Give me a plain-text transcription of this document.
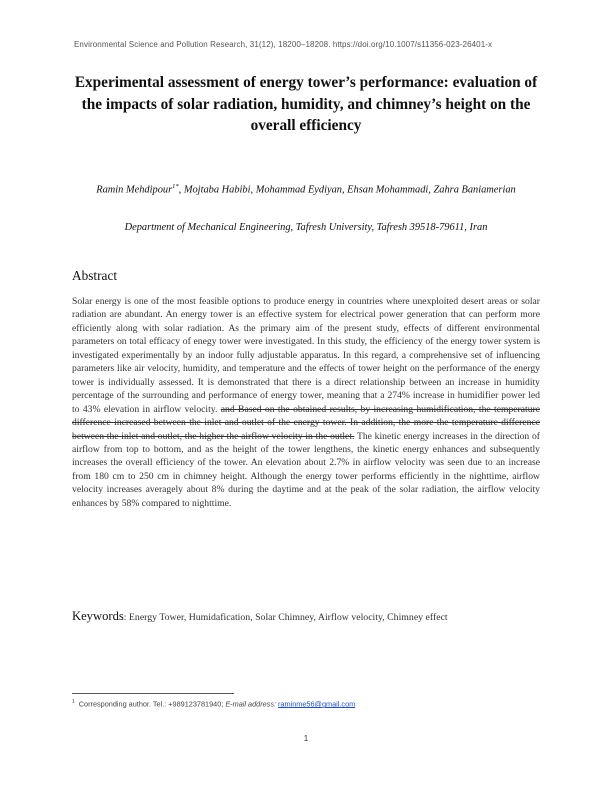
Environmental Science and Pollution Research, 31(12), 18200–18208. https://doi.org/10.1007/s11356-023-26401-x
Experimental assessment of energy tower’s performance: evaluation of the impacts of solar radiation, humidity, and chimney’s height on the overall efficiency
Ramin Mehdipour$^{1*}$, Mojtaba Habibi, Mohammad Eydiyan, Ehsan Mohammadi, Zahra Baniamerian
Department of Mechanical Engineering, Tafresh University, Tafresh 39518-79611, Iran
Abstract
Solar energy is one of the most feasible options to produce energy in countries where unexploited desert areas or solar radiation are abundant. An energy tower is an effective system for electrical power generation that can perform more efficiently along with solar radiation. As the primary aim of the present study, effects of different environmental parameters on total efficacy of enegy tower were investigated. In this study, the efficiency of the energy tower system is investigated experimentally by an indoor fully adjustable apparatus. In this regard, a comprehensive set of influencing parameters like air velocity, humidity, and temperature and the effects of tower height on the performance of the energy tower is individually assessed. It is demonstrated that there is a direct relationship between an increase in humidity percentage of the surrounding and performance of energy tower, meaning that a 274% increase in humidifier power led to 43% elevation in airflow velocity. and Based on the obtained results, by increasing humidification, the temperature difference increased between the inlet and outlet of the energy tower. In addition, the more the temperature difference between the inlet and outlet, the higher the airflow velocity in the outlet. The kinetic energy increases in the direction of airflow from top to bottom, and as the height of the tower lengthens, the kinetic energy enhances and subsequently increases the overall efficiency of the tower. An elevation about 2.7% in airflow velocity was seen due to an increase from 180 cm to 250 cm in chimney height. Although the energy tower performs efficiently in the nighttime, airflow velocity increases averagely about 8% during the daytime and at the peak of the solar radiation, the airflow velocity enhances by 58% compared to nighttime.
Keywords: Energy Tower, Humidafication, Solar Chimney, Airflow velocity, Chimney effect
$^1$ Corresponding author. Tel.: +989123781940; E-mail address: raminme56@gmail.com
1
